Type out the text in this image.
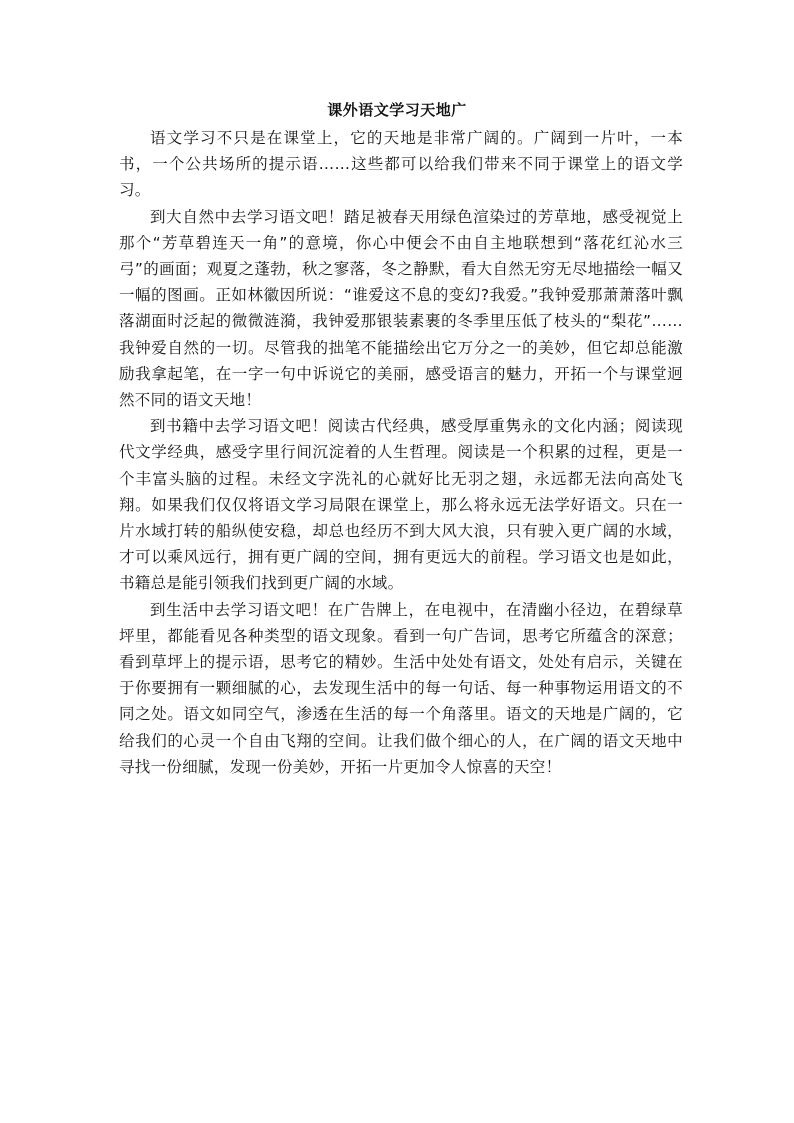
课外语文学习天地广

语文学习不只是在课堂上，它的天地是非常广阔的。广阔到一片叶，一本书，一个公共场所的提示语……这些都可以给我们带来不同于课堂上的语文学习。

到大自然中去学习语文吧！踏足被春天用绿色渲染过的芳草地，感受视觉上那个“芳草碧连天一角”的意境，你心中便会不由自主地联想到“落花红沁水三弓”的画面；观夏之蓬勃，秋之寥落，冬之静默，看大自然无穷无尽地描绘一幅又一幅的图画。正如林徽因所说：“谁爱这不息的变幻?我爱。”我钟爱那萧萧落叶飘落湖面时泛起的微微涟漪，我钟爱那银装素裹的冬季里压低了枝头的“梨花”……我钟爱自然的一切。尽管我的拙笔不能描绘出它万分之一的美妙，但它却总能激励我拿起笔，在一字一句中诉说它的美丽，感受语言的魅力，开拓一个与课堂迥然不同的语文天地！

到书籍中去学习语文吧！阅读古代经典，感受厚重隽永的文化内涵；阅读现代文学经典，感受字里行间沉淀着的人生哲理。阅读是一个积累的过程，更是一个丰富头脑的过程。未经文字洗礼的心就好比无羽之翅，永远都无法向高处飞翔。如果我们仅仅将语文学习局限在课堂上，那么将永远无法学好语文。只在一片水域打转的船纵使安稳，却总也经历不到大风大浪，只有驶入更广阔的水域，才可以乘风远行，拥有更广阔的空间，拥有更远大的前程。学习语文也是如此，书籍总是能引领我们找到更广阔的水域。

到生活中去学习语文吧！在广告牌上，在电视中，在清幽小径边，在碧绿草坪里，都能看见各种类型的语文现象。看到一句广告词，思考它所蕴含的深意；看到草坪上的提示语，思考它的精妙。生活中处处有语文，处处有启示，关键在于你要拥有一颗细腻的心，去发现生活中的每一句话、每一种事物运用语文的不同之处。语文如同空气，渗透在生活的每一个角落里。语文的天地是广阔的，它给我们的心灵一个自由飞翔的空间。让我们做个细心的人，在广阔的语文天地中寻找一份细腻，发现一份美妙，开拓一片更加令人惊喜的天空！
